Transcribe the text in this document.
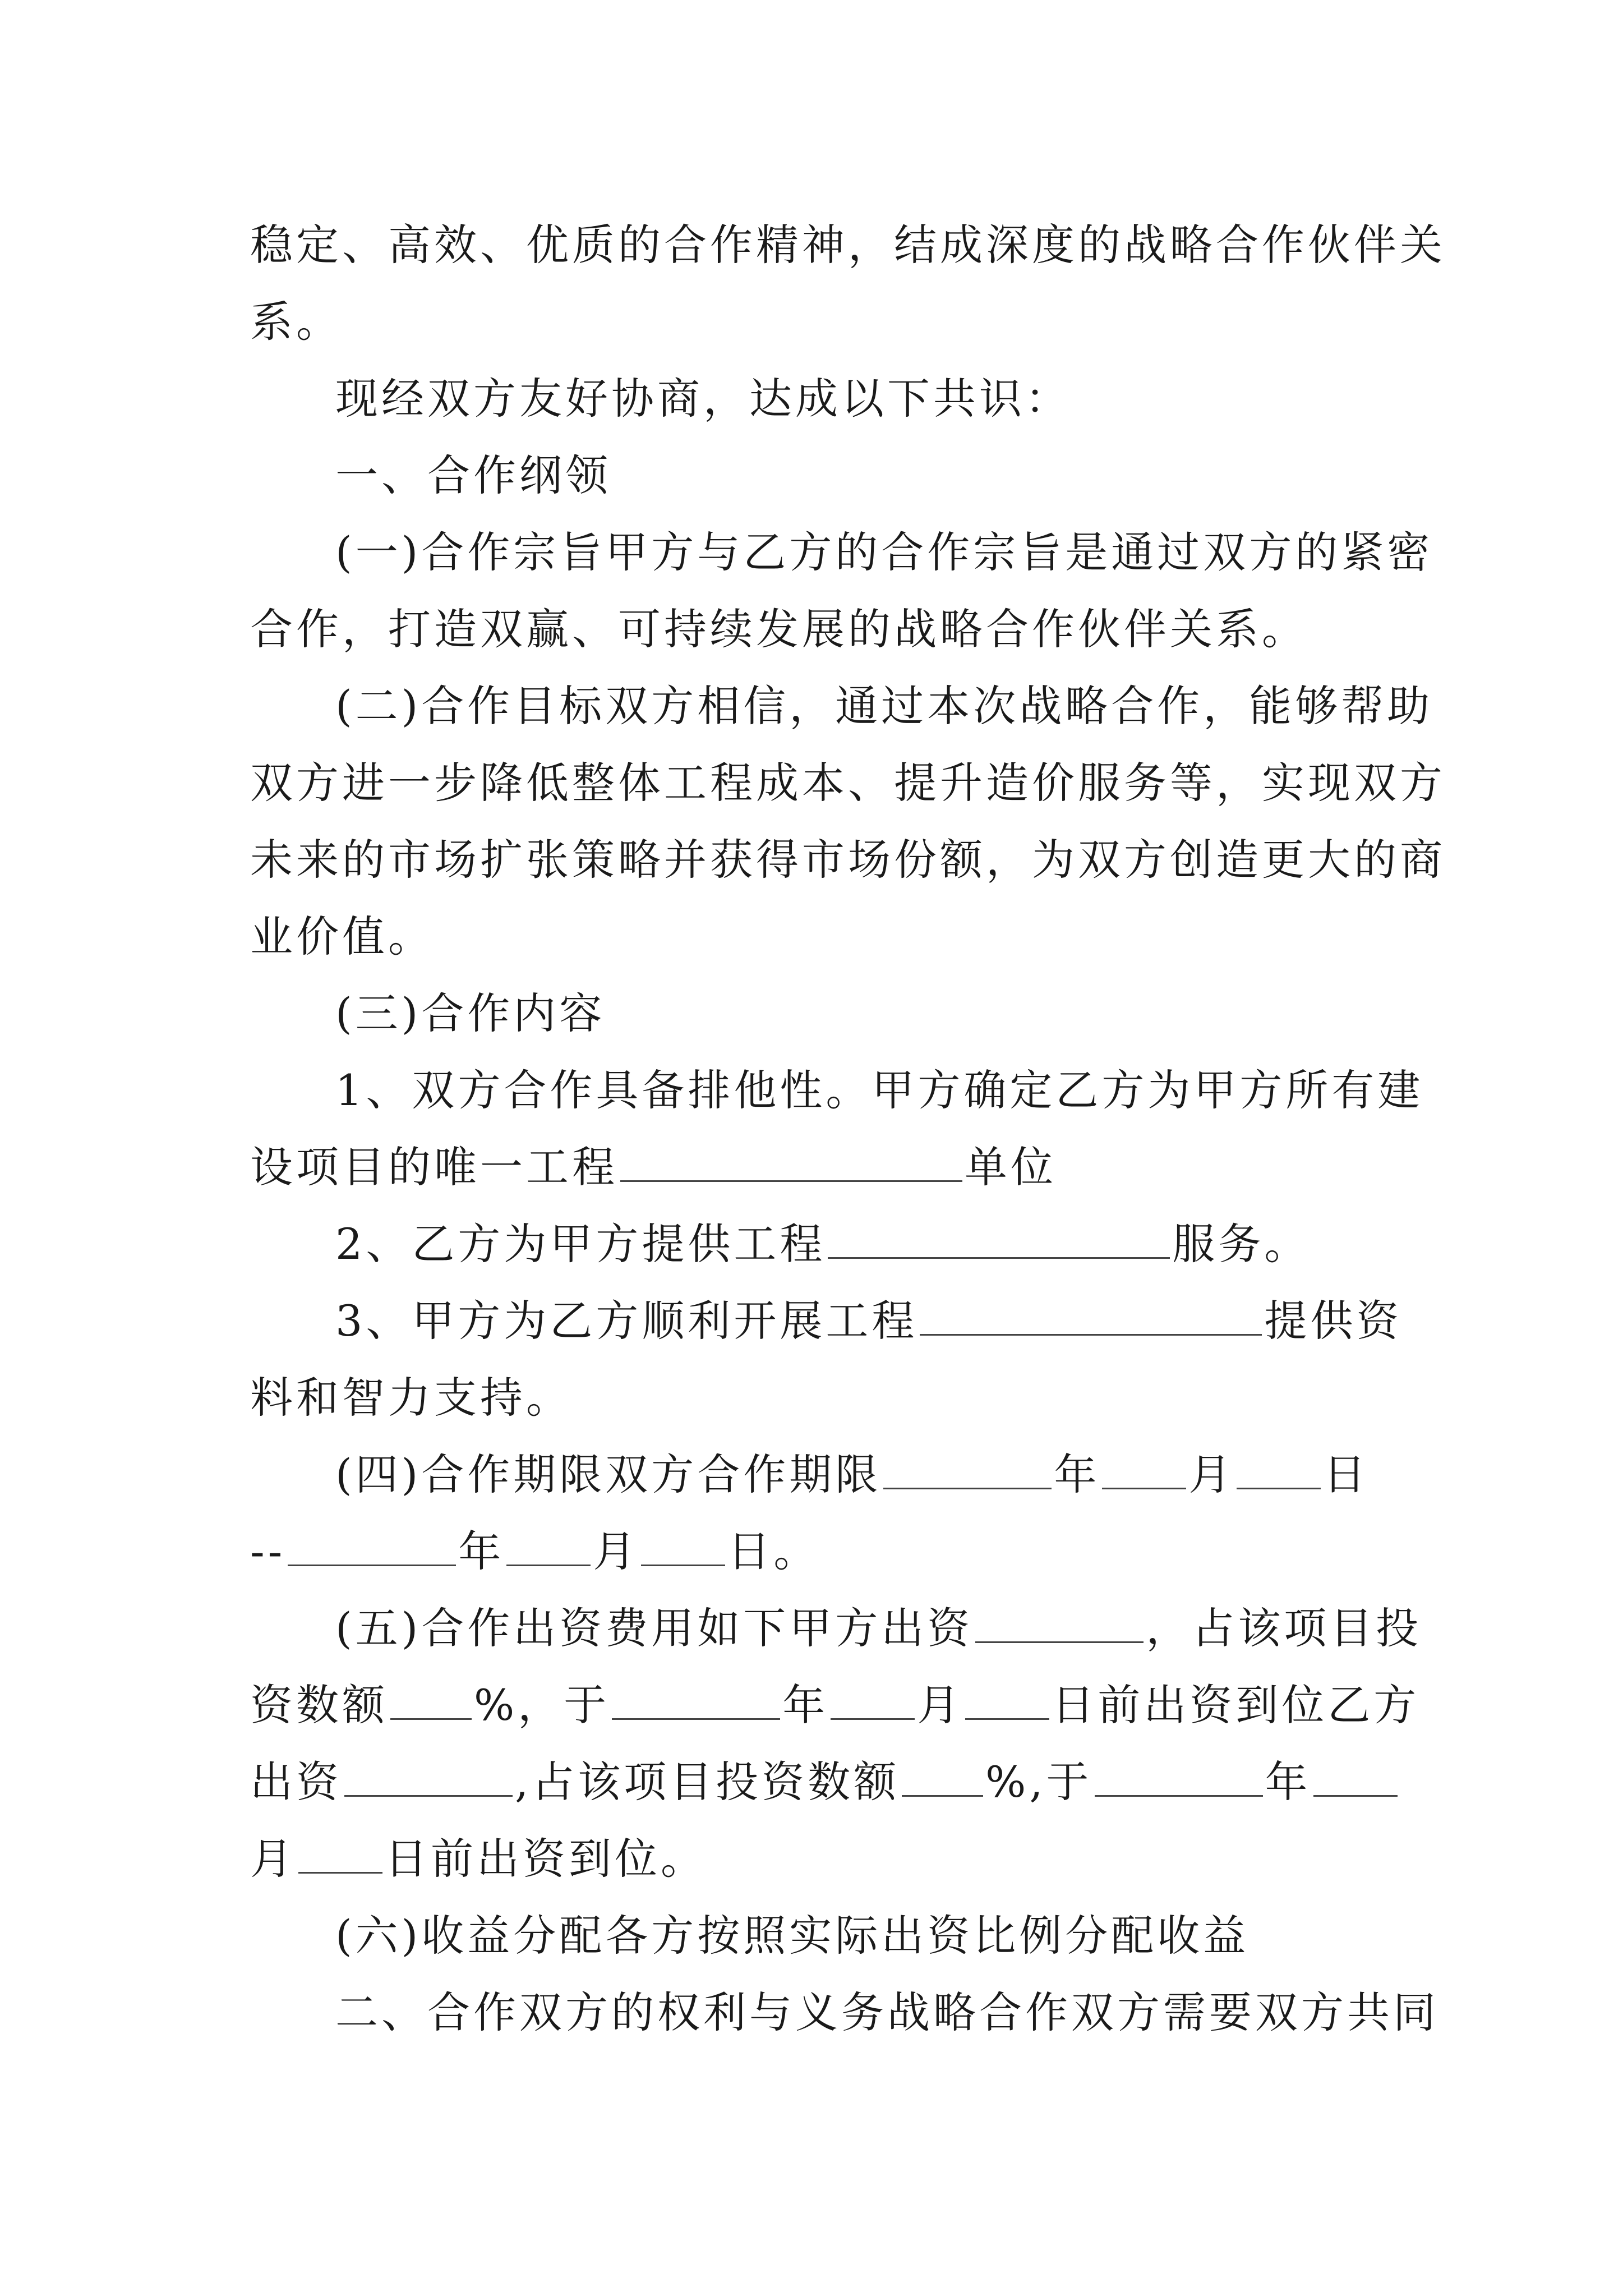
稳定、高效、优质的合作精神，结成深度的战略合作伙伴关
系。
现经双方友好协商，达成以下共识：
一、合作纲领
(一)合作宗旨甲方与乙方的合作宗旨是通过双方的紧密
合作，打造双赢、可持续发展的战略合作伙伴关系。
(二)合作目标双方相信，通过本次战略合作，能够帮助
双方进一步降低整体工程成本、提升造价服务等，实现双方
未来的市场扩张策略并获得市场份额，为双方创造更大的商
业价值。
(三)合作内容
1、双方合作具备排他性。甲方确定乙方为甲方所有建
设项目的唯一工程	单位
2、乙方为甲方提供工程	服务。
3、甲方为乙方顺利开展工程	提供资
料和智力支持。
(四)合作期限双方合作期限	年 月 日
--	年 月 日。
(五)合作出资费用如下甲方出资	，占该项目投
资数额 %，于	年 月 日前出资到位乙方
出资	,占该项目投资数额 %,于	年
月 日前出资到位。
(六)收益分配各方按照实际出资比例分配收益
二、合作双方的权利与义务战略合作双方需要双方共同
